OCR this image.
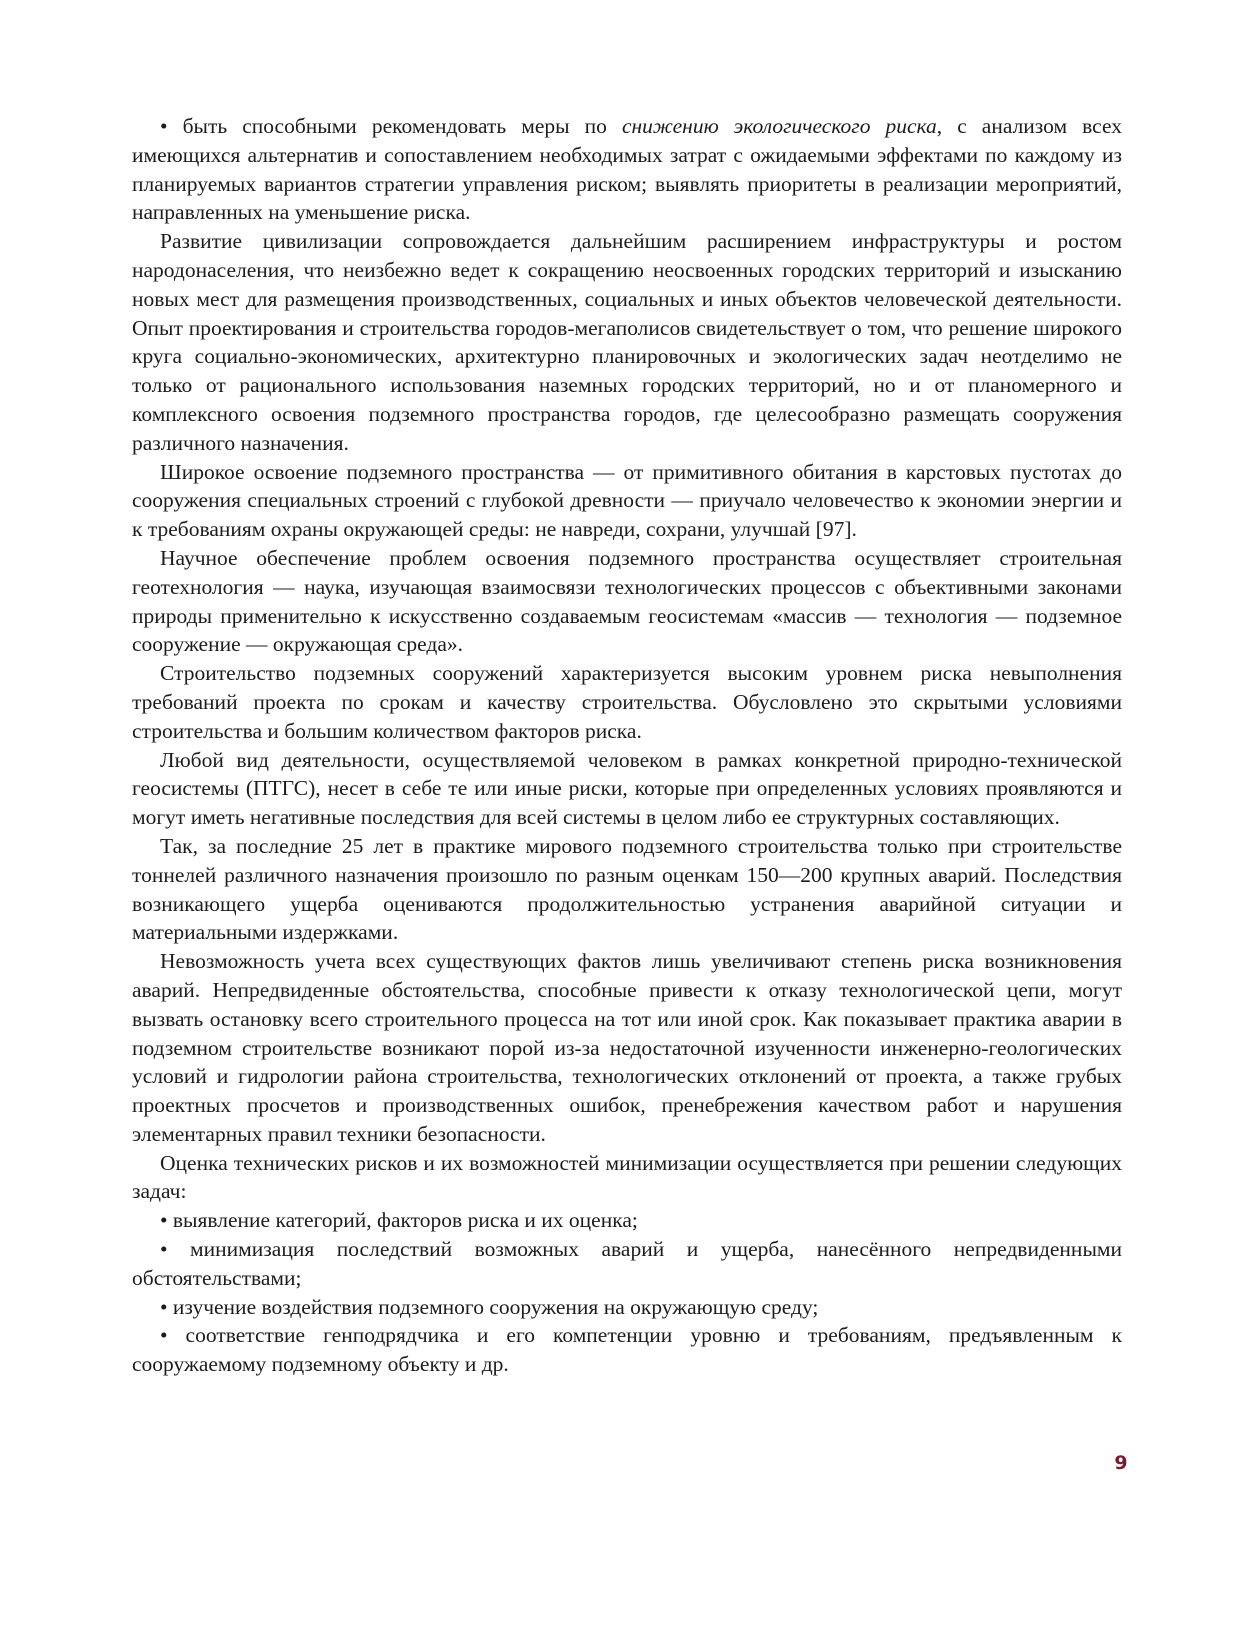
• быть способными рекомендовать меры по снижению экологического риска, с анализом всех имеющихся альтернатив и сопоставлением необходимых затрат с ожидаемыми эффектами по каждому из планируемых вариантов стратегии управления риском; выявлять приоритеты в реализации мероприятий, направленных на уменьшение риска.

Развитие цивилизации сопровождается дальнейшим расширением инфраструктуры и ростом народонаселения, что неизбежно ведет к сокращению неосвоенных городских территорий и изысканию новых мест для размещения производственных, социальных и иных объектов человеческой деятельности. Опыт проектирования и строительства городов-мегаполисов свидетельствует о том, что решение широкого круга социально-экономических, архитектурно планировочных и экологических задач неотделимо не только от рационального использования наземных городских территорий, но и от планомерного и комплексного освоения подземного пространства городов, где целесообразно размещать сооружения различного назначения.

Широкое освоение подземного пространства — от примитивного обитания в карстовых пустотах до сооружения специальных строений с глубокой древности — приучало человечество к экономии энергии и к требованиям охраны окружающей среды: не навреди, сохрани, улучшай [97].

Научное обеспечение проблем освоения подземного пространства осуществляет строительная геотехнология — наука, изучающая взаимосвязи технологических процессов с объективными законами природы применительно к искусственно создаваемым геосистемам «массив — технология — подземное сооружение — окружающая среда».

Строительство подземных сооружений характеризуется высоким уровнем риска невыполнения требований проекта по срокам и качеству строительства. Обусловлено это скрытыми условиями строительства и большим количеством факторов риска.

Любой вид деятельности, осуществляемой человеком в рамках конкретной природно-технической геосистемы (ПТГС), несет в себе те или иные риски, которые при определенных условиях проявляются и могут иметь негативные последствия для всей системы в целом либо ее структурных составляющих.

Так, за последние 25 лет в практике мирового подземного строительства только при строительстве тоннелей различного назначения произошло по разным оценкам 150—200 крупных аварий. Последствия возникающего ущерба оцениваются продолжительностью устранения аварийной ситуации и материальными издержками.

Невозможность учета всех существующих фактов лишь увеличивают степень риска возникновения аварий. Непредвиденные обстоятельства, способные привести к отказу технологической цепи, могут вызвать остановку всего строительного процесса на тот или иной срок. Как показывает практика аварии в подземном строительстве возникают порой из-за недостаточной изученности инженерно-геологических условий и гидрологии района строительства, технологических отклонений от проекта, а также грубых проектных просчетов и производственных ошибок, пренебрежения качеством работ и нарушения элементарных правил техники безопасности.

Оценка технических рисков и их возможностей минимизации осуществляется при решении следующих задач:

• выявление категорий, факторов риска и их оценка;

• минимизация последствий возможных аварий и ущерба, нанесённого непредвиденными обстоятельствами;

• изучение воздействия подземного сооружения на окружающую среду;

• соответствие генподрядчика и его компетенции уровню и требованиям, предъявленным к сооружаемому подземному объекту и др.

9
